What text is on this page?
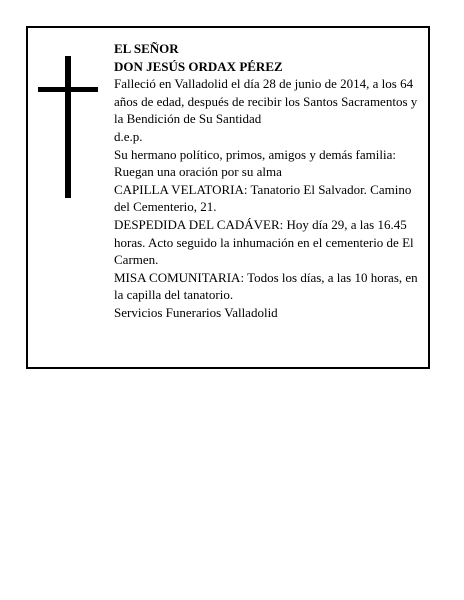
EL SEÑOR

DON JESÚS ORDAX PÉREZ

Falleció en Valladolid el día 28 de junio de 2014, a los 64 años de edad, después de recibir los Santos Sacramentos y la Bendición de Su Santidad

d.e.p.

Su hermano político, primos, amigos y demás familia:

Ruegan una oración por su alma

CAPILLA VELATORIA: Tanatorio El Salvador. Camino del Cementerio, 21.

DESPEDIDA DEL CADÁVER: Hoy día 29, a las 16.45 horas. Acto seguido la inhumación en el cementerio de El Carmen.

MISA COMUNITARIA: Todos los días, a las 10 horas, en la capilla del tanatorio.

Servicios Funerarios Valladolid
